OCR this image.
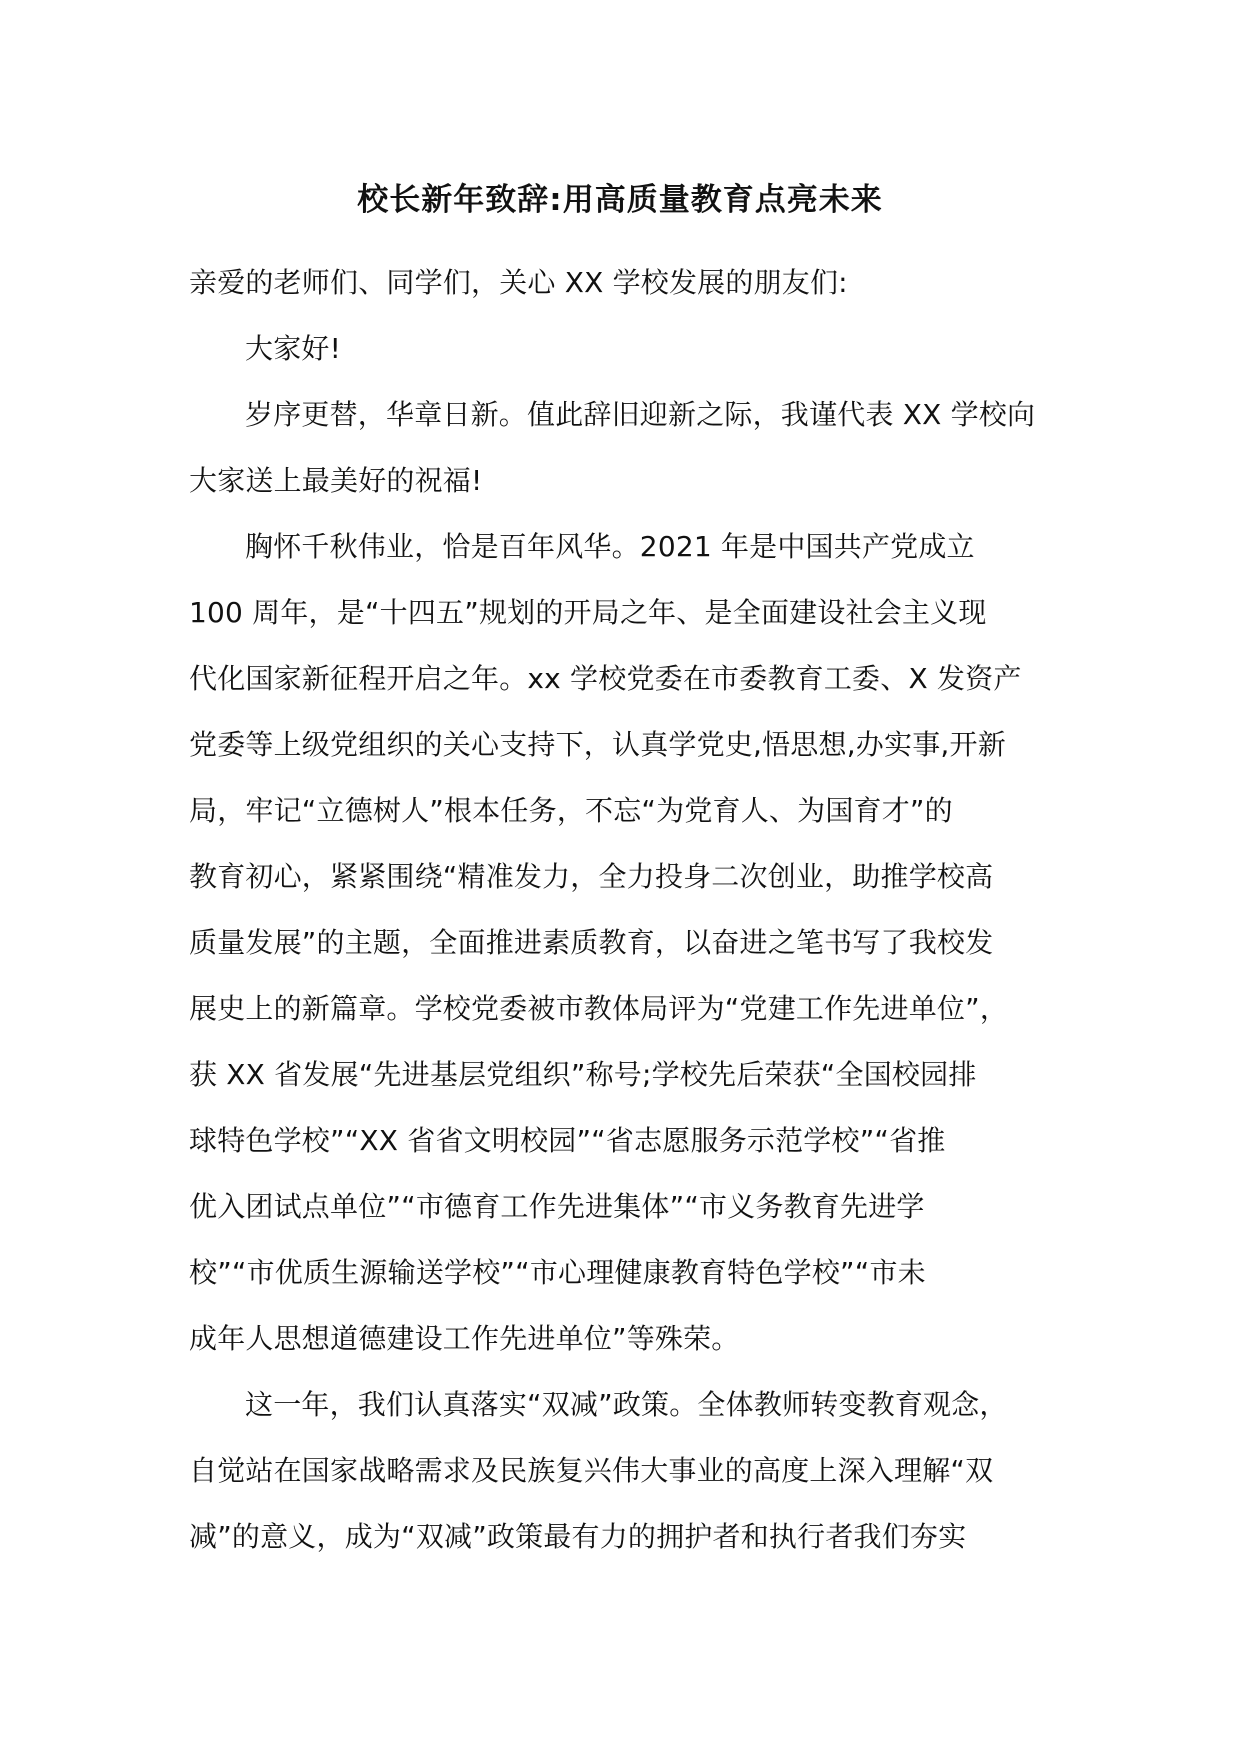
校长新年致辞:用高质量教育点亮未来
亲爱的老师们、同学们，关心 XX 学校发展的朋友们:
大家好!
岁序更替，华章日新。值此辞旧迎新之际，我谨代表 XX 学校向
大家送上最美好的祝福!
胸怀千秋伟业，恰是百年风华。2021 年是中国共产党成立
100 周年，是“十四五”规划的开局之年、是全面建设社会主义现
代化国家新征程开启之年。xx 学校党委在市委教育工委、X 发资产
党委等上级党组织的关心支持下，认真学党史,悟思想,办实事,开新
局，牢记“立德树人”根本任务，不忘“为党育人、为国育才”的
教育初心，紧紧围绕“精准发力，全力投身二次创业，助推学校高
质量发展”的主题，全面推进素质教育，以奋进之笔书写了我校发
展史上的新篇章。学校党委被市教体局评为“党建工作先进单位”，
获 XX 省发展“先进基层党组织”称号;学校先后荣获“全国校园排
球特色学校”“XX 省省文明校园”“省志愿服务示范学校”“省推
优入团试点单位”“市德育工作先进集体”“市义务教育先进学
校”“市优质生源输送学校”“市心理健康教育特色学校”“市未
成年人思想道德建设工作先进单位”等殊荣。
这一年，我们认真落实“双减”政策。全体教师转变教育观念，
自觉站在国家战略需求及民族复兴伟大事业的高度上深入理解“双
减”的意义，成为“双减”政策最有力的拥护者和执行者我们夯实
